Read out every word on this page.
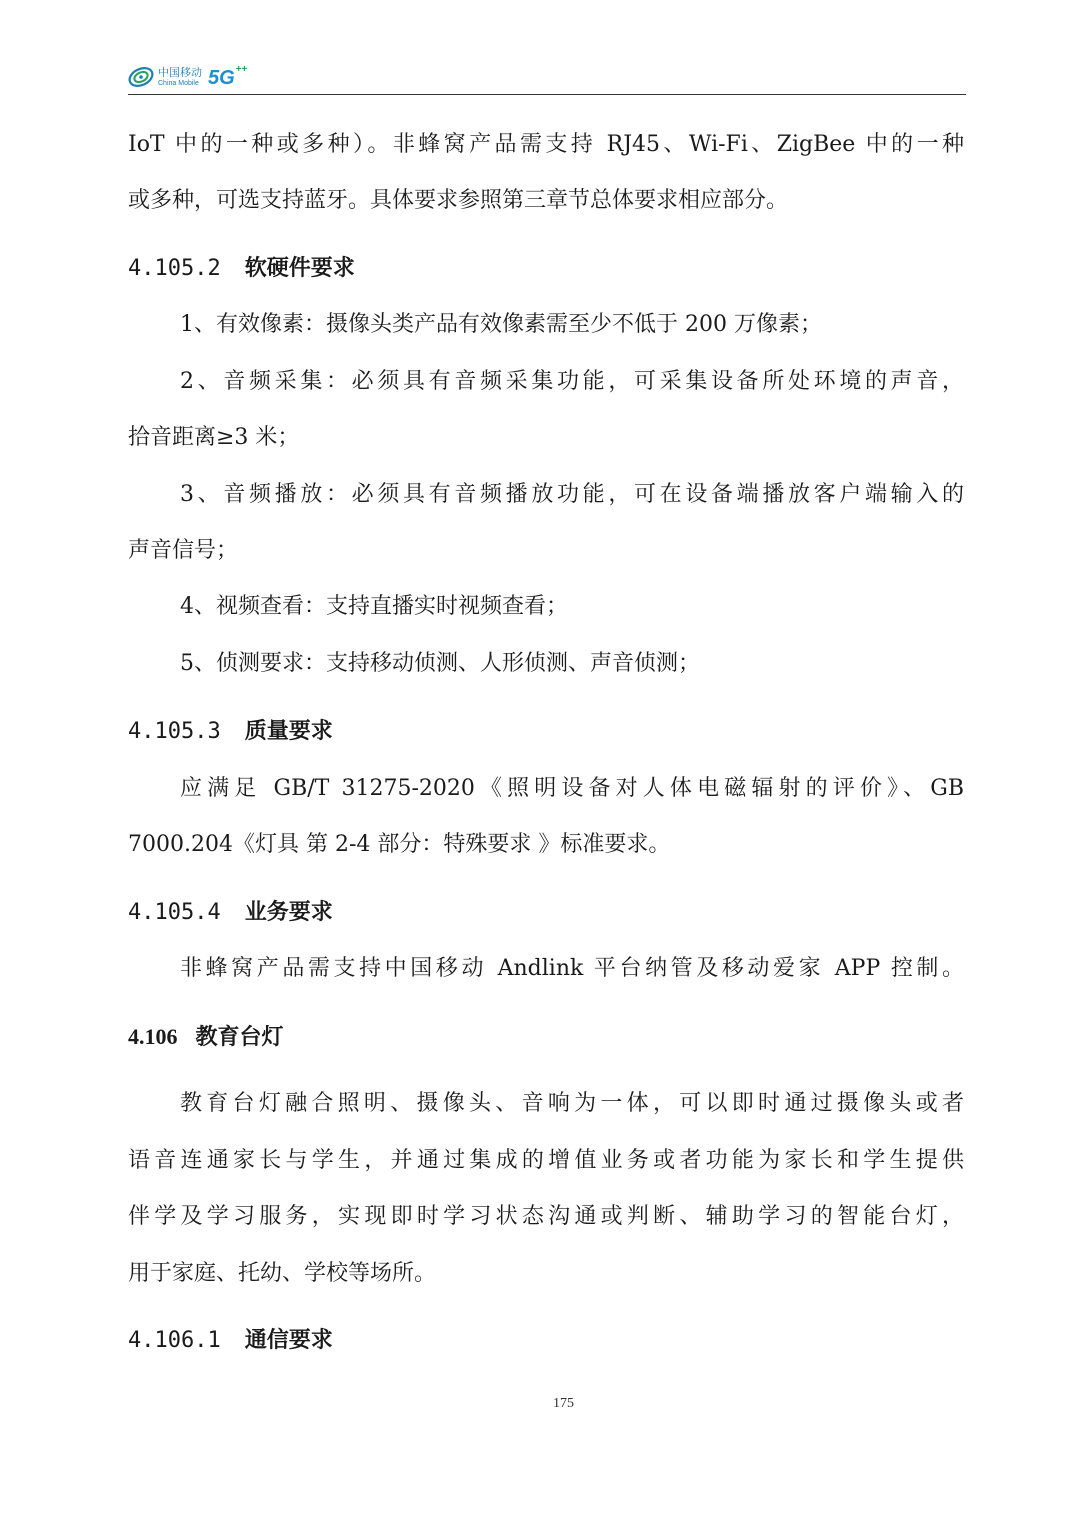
中国移动
China Mobile 5G ++
IoT 中的一种或多种）。非蜂窝产品需支持 RJ45、Wi-Fi、ZigBee 中的一种
或多种，可选支持蓝牙。具体要求参照第三章节总体要求相应部分。
4.105.2 软硬件要求
1、有效像素：摄像头类产品有效像素需至少不低于 200 万像素；
2、音频采集：必须具有音频采集功能，可采集设备所处环境的声音，
拾音距离≥3 米；
3、音频播放：必须具有音频播放功能，可在设备端播放客户端输入的
声音信号；
4、视频查看：支持直播实时视频查看；
5、侦测要求：支持移动侦测、人形侦测、声音侦测；
4.105.3 质量要求
应满足 GB/T 31275-2020《照明设备对人体电磁辐射的评价》、GB
7000.204《灯具 第 2-4 部分：特殊要求 》标准要求。
4.105.4 业务要求
非蜂窝产品需支持中国移动 Andlink 平台纳管及移动爱家 APP 控制。
4.106 教育台灯
教育台灯融合照明、摄像头、音响为一体，可以即时通过摄像头或者
语音连通家长与学生，并通过集成的增值业务或者功能为家长和学生提供
伴学及学习服务，实现即时学习状态沟通或判断、辅助学习的智能台灯，
用于家庭、托幼、学校等场所。
4.106.1 通信要求
175
